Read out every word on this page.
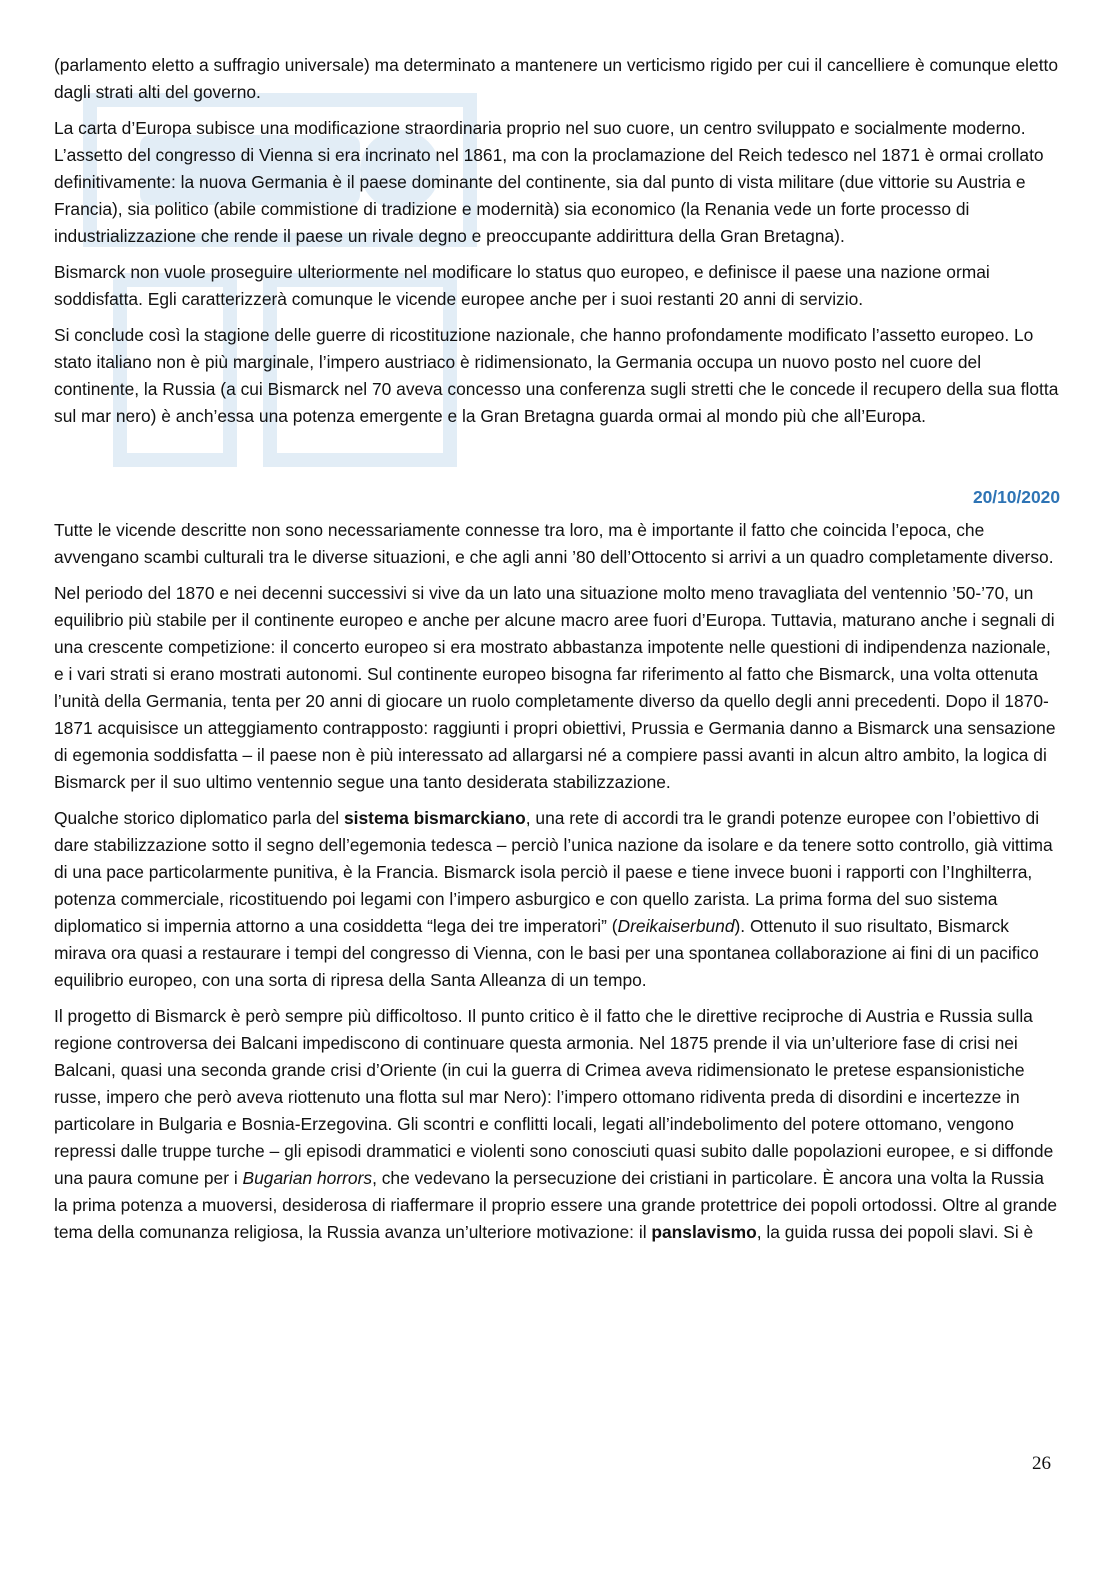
(parlamento eletto a suffragio universale) ma determinato a mantenere un verticismo rigido per cui il cancelliere è comunque eletto dagli strati alti del governo.

La carta d’Europa subisce una modificazione straordinaria proprio nel suo cuore, un centro sviluppato e socialmente moderno. L’assetto del congresso di Vienna si era incrinato nel 1861, ma con la proclamazione del Reich tedesco nel 1871 è ormai crollato definitivamente: la nuova Germania è il paese dominante del continente, sia dal punto di vista militare (due vittorie su Austria e Francia), sia politico (abile commistione di tradizione e modernità) sia economico (la Renania vede un forte processo di industrializzazione che rende il paese un rivale degno e preoccupante addirittura della Gran Bretagna).

Bismarck non vuole proseguire ulteriormente nel modificare lo status quo europeo, e definisce il paese una nazione ormai soddisfatta. Egli caratterizzerà comunque le vicende europee anche per i suoi restanti 20 anni di servizio.

Si conclude così la stagione delle guerre di ricostituzione nazionale, che hanno profondamente modificato l’assetto europeo. Lo stato italiano non è più marginale, l’impero austriaco è ridimensionato, la Germania occupa un nuovo posto nel cuore del continente, la Russia (a cui Bismarck nel 70 aveva concesso una conferenza sugli stretti che le concede il recupero della sua flotta sul mar nero) è anch’essa una potenza emergente e la Gran Bretagna guarda ormai al mondo più che all’Europa.

20/10/2020

Tutte le vicende descritte non sono necessariamente connesse tra loro, ma è importante il fatto che coincida l’epoca, che avvengano scambi culturali tra le diverse situazioni, e che agli anni ’80 dell’Ottocento si arrivi a un quadro completamente diverso.

Nel periodo del 1870 e nei decenni successivi si vive da un lato una situazione molto meno travagliata del ventennio ’50-’70, un equilibrio più stabile per il continente europeo e anche per alcune macro aree fuori d’Europa. Tuttavia, maturano anche i segnali di una crescente competizione: il concerto europeo si era mostrato abbastanza impotente nelle questioni di indipendenza nazionale, e i vari strati si erano mostrati autonomi. Sul continente europeo bisogna far riferimento al fatto che Bismarck, una volta ottenuta l’unità della Germania, tenta per 20 anni di giocare un ruolo completamente diverso da quello degli anni precedenti. Dopo il 1870-1871 acquisisce un atteggiamento contrapposto: raggiunti i propri obiettivi, Prussia e Germania danno a Bismarck una sensazione di egemonia soddisfatta – il paese non è più interessato ad allargarsi né a compiere passi avanti in alcun altro ambito, la logica di Bismarck per il suo ultimo ventennio segue una tanto desiderata stabilizzazione.

Qualche storico diplomatico parla del sistema bismarckiano, una rete di accordi tra le grandi potenze europee con l’obiettivo di dare stabilizzazione sotto il segno dell’egemonia tedesca – perciò l’unica nazione da isolare e da tenere sotto controllo, già vittima di una pace particolarmente punitiva, è la Francia. Bismarck isola perciò il paese e tiene invece buoni i rapporti con l’Inghilterra, potenza commerciale, ricostituendo poi legami con l’impero asburgico e con quello zarista. La prima forma del suo sistema diplomatico si impernia attorno a una cosiddetta “lega dei tre imperatori” (Dreikaiserbund). Ottenuto il suo risultato, Bismarck mirava ora quasi a restaurare i tempi del congresso di Vienna, con le basi per una spontanea collaborazione ai fini di un pacifico equilibrio europeo, con una sorta di ripresa della Santa Alleanza di un tempo.

Il progetto di Bismarck è però sempre più difficoltoso. Il punto critico è il fatto che le direttive reciproche di Austria e Russia sulla regione controversa dei Balcani impediscono di continuare questa armonia. Nel 1875 prende il via un’ulteriore fase di crisi nei Balcani, quasi una seconda grande crisi d’Oriente (in cui la guerra di Crimea aveva ridimensionato le pretese espansionistiche russe, impero che però aveva riottenuto una flotta sul mar Nero): l’impero ottomano ridiventa preda di disordini e incertezze in particolare in Bulgaria e Bosnia-Erzegovina. Gli scontri e conflitti locali, legati all’indebolimento del potere ottomano, vengono repressi dalle truppe turche – gli episodi drammatici e violenti sono conosciuti quasi subito dalle popolazioni europee, e si diffonde una paura comune per i Bugarian horrors, che vedevano la persecuzione dei cristiani in particolare. È ancora una volta la Russia la prima potenza a muoversi, desiderosa di riaffermare il proprio essere una grande protettrice dei popoli ortodossi. Oltre al grande tema della comunanza religiosa, la Russia avanza un’ulteriore motivazione: il panslavismo, la guida russa dei popoli slavi. Si è

26
